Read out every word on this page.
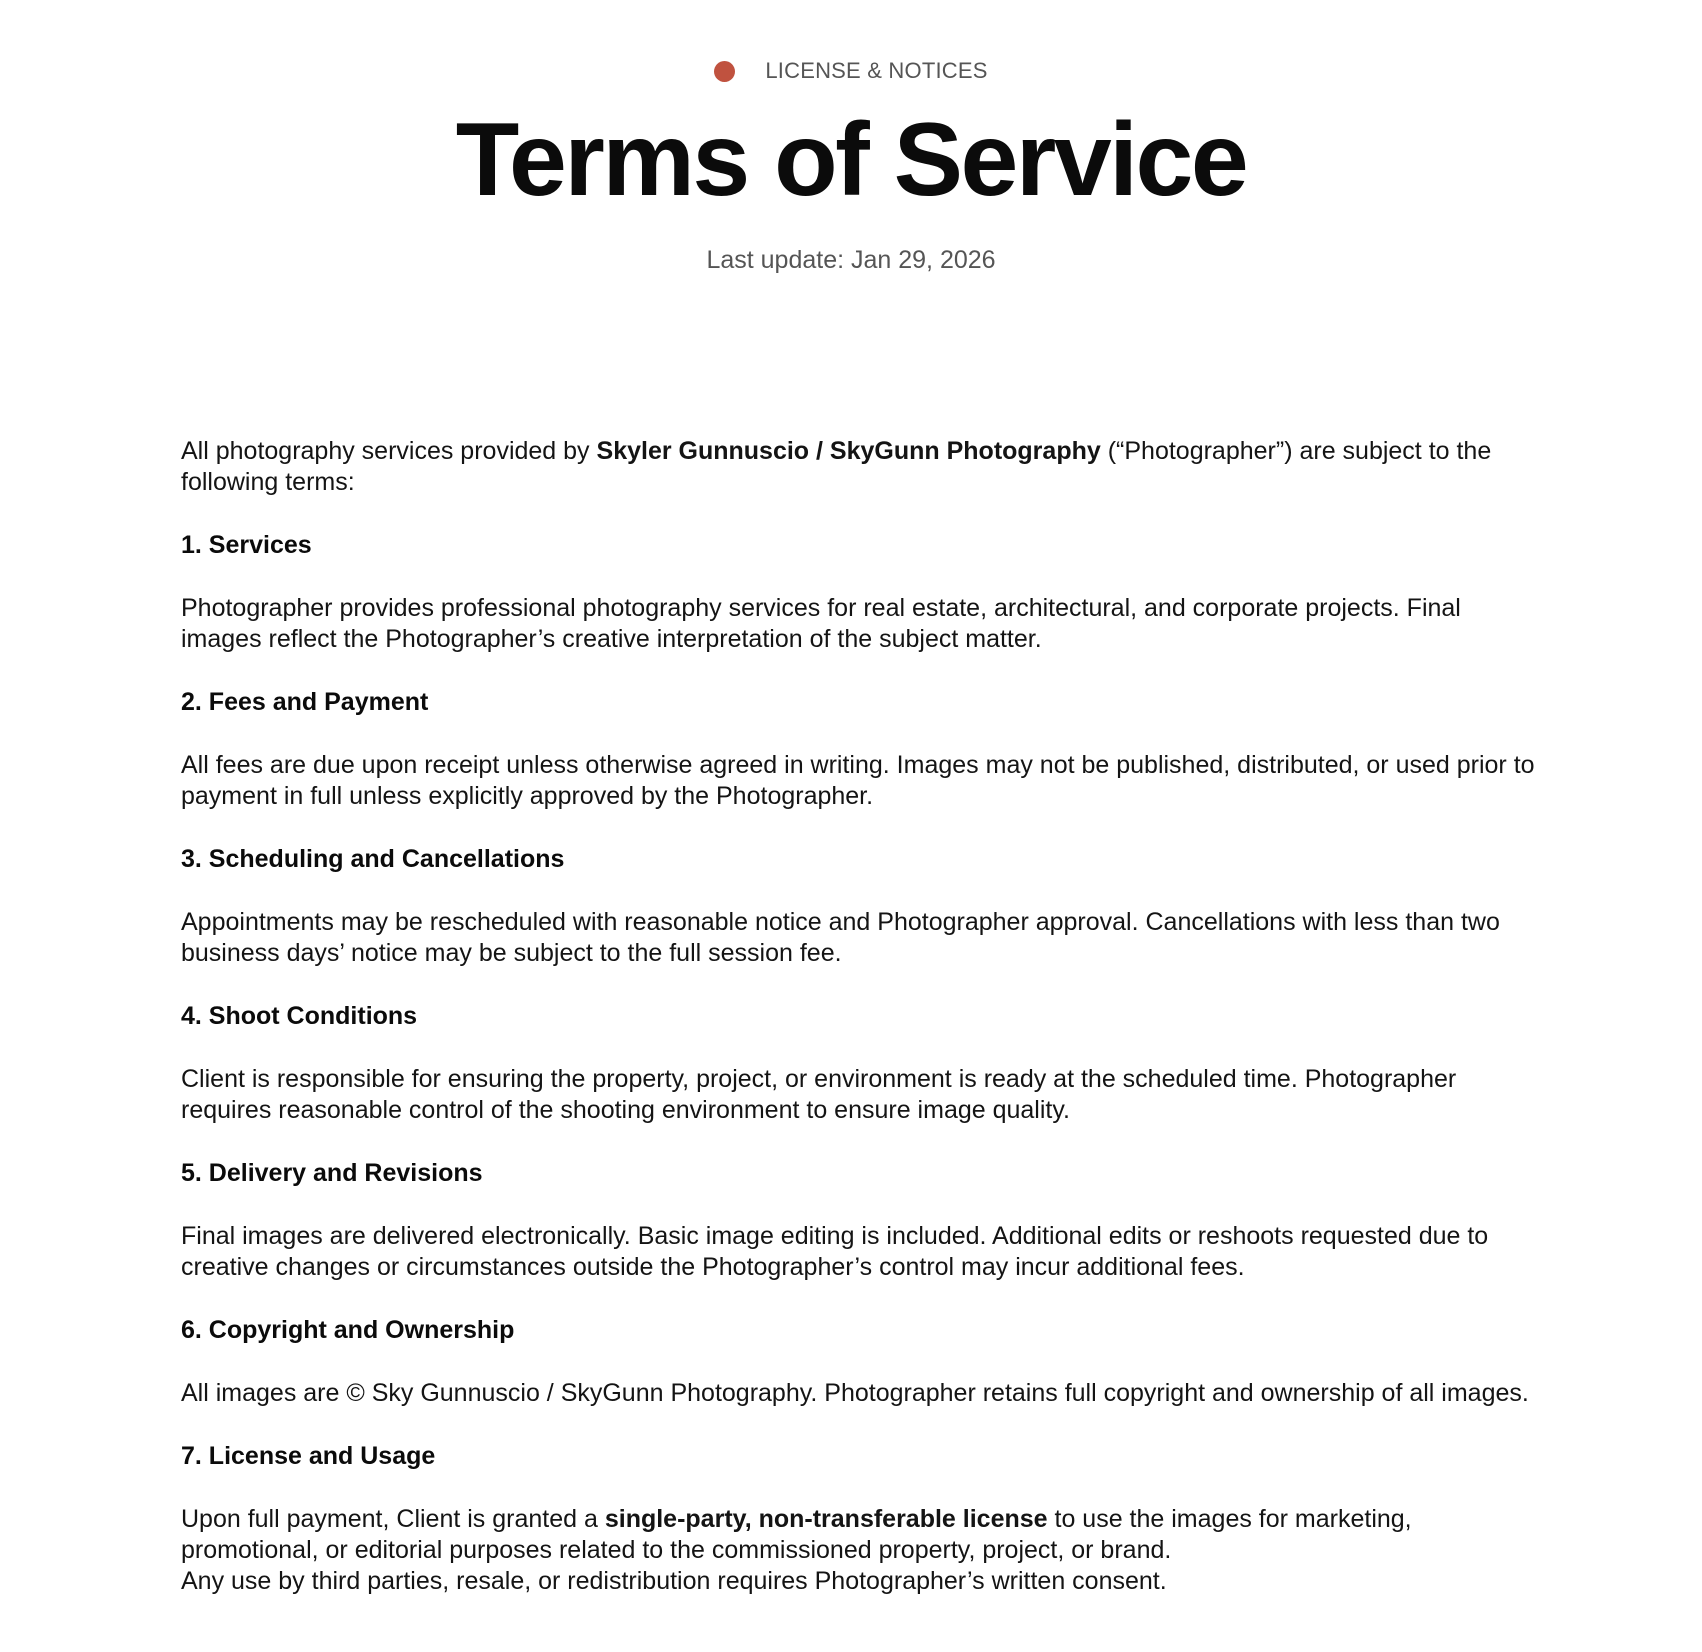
LICENSE & NOTICES
Terms of Service
Last update: Jan 29, 2026

All photography services provided by Skyler Gunnuscio / SkyGunn Photography (“Photographer”) are subject to the following terms:

1. Services

Photographer provides professional photography services for real estate, architectural, and corporate projects. Final images reflect the Photographer’s creative interpretation of the subject matter.

2. Fees and Payment

All fees are due upon receipt unless otherwise agreed in writing. Images may not be published, distributed, or used prior to payment in full unless explicitly approved by the Photographer.

3. Scheduling and Cancellations

Appointments may be rescheduled with reasonable notice and Photographer approval. Cancellations with less than two business days’ notice may be subject to the full session fee.

4. Shoot Conditions

Client is responsible for ensuring the property, project, or environment is ready at the scheduled time. Photographer requires reasonable control of the shooting environment to ensure image quality.

5. Delivery and Revisions

Final images are delivered electronically. Basic image editing is included. Additional edits or reshoots requested due to creative changes or circumstances outside the Photographer’s control may incur additional fees.

6. Copyright and Ownership

All images are © Sky Gunnuscio / SkyGunn Photography. Photographer retains full copyright and ownership of all images.

7. License and Usage

Upon full payment, Client is granted a single-party, non-transferable license to use the images for marketing, promotional, or editorial purposes related to the commissioned property, project, or brand.
Any use by third parties, resale, or redistribution requires Photographer’s written consent.
